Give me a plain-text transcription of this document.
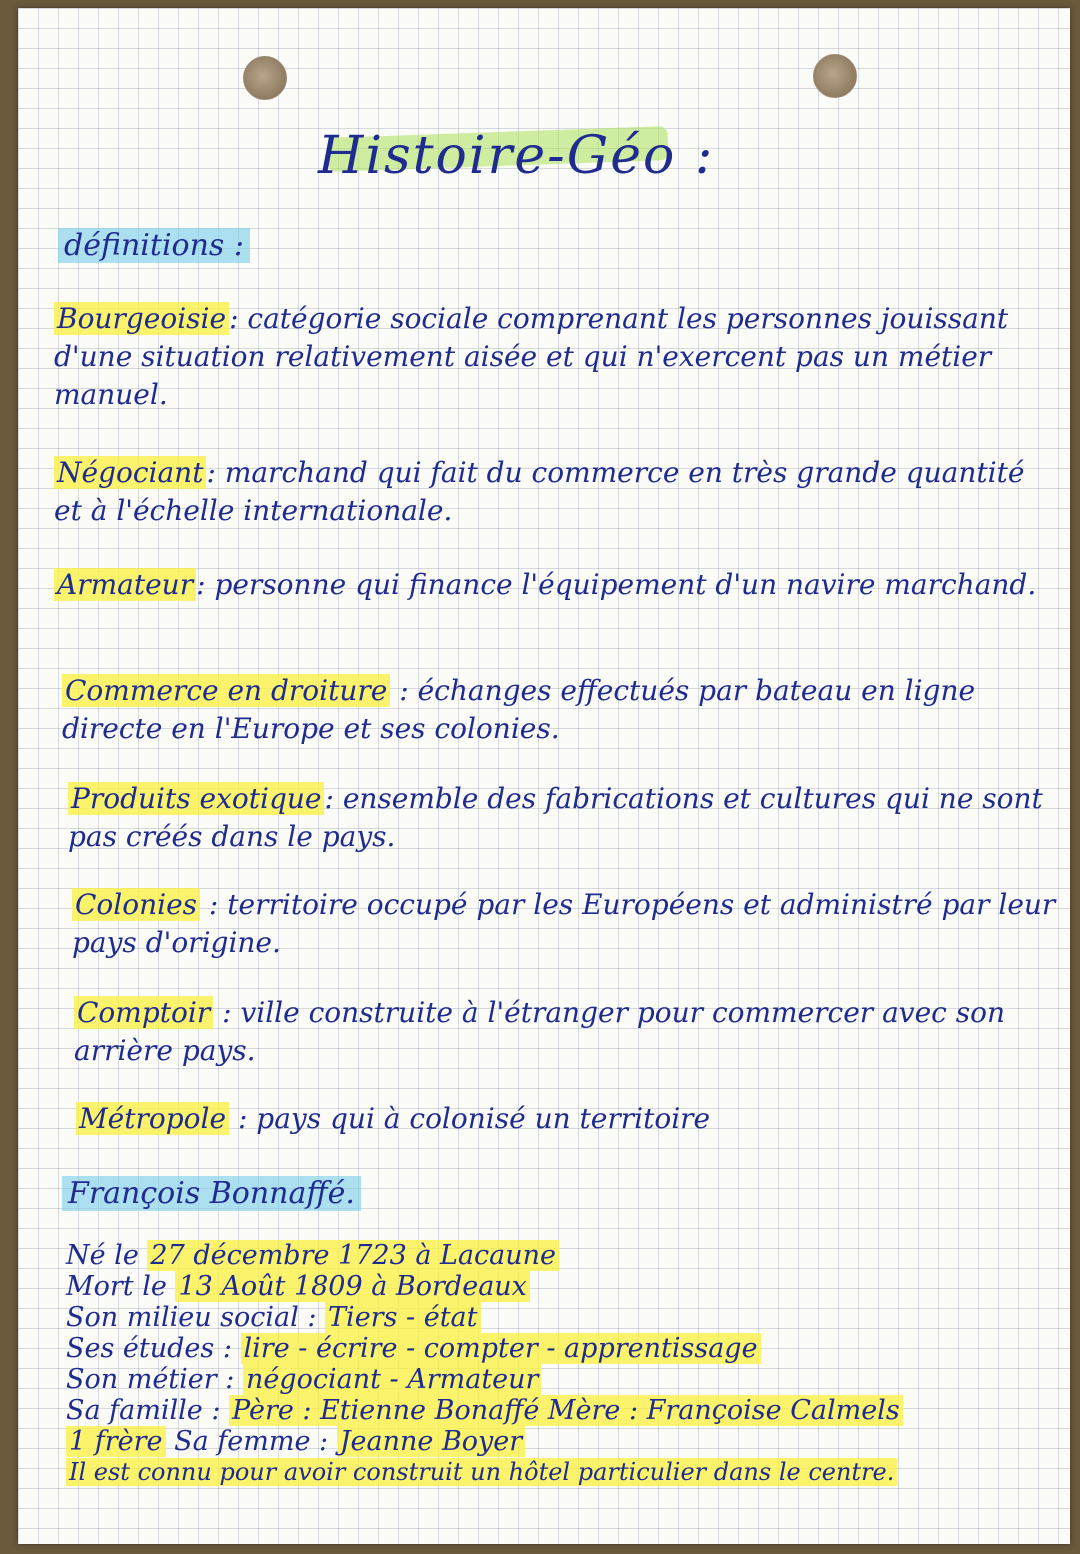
Histoire-Géo :
définitions :
Bourgeoisie : catégorie sociale comprenant les personnes jouissant d'une situation relativement aisée et qui n'exercent pas un métier manuel.
Négociant : marchand qui fait du commerce en très grande quantité et à l'échelle internationale.
Armateur : personne qui finance l'équipement d'un navire marchand.
Commerce en droiture : échanges effectués par bateau en ligne directe en l'Europe et ses colonies.
Produits exotique : ensemble des fabrications et cultures qui ne sont pas créés dans le pays.
Colonies : territoire occupé par les Européens et administré par leur pays d'origine.
Comptoir : ville construite à l'étranger pour commercer avec son arrière pays.
Métropole : pays qui à colonisé un territoire
François Bonnaffé.
Né le 27 décembre 1723 à Lacaune
Mort le 13 Août 1809 à Bordeaux
Son milieu social : Tiers - état
Ses études : lire - écrire - compter - apprentissage
Son métier : négociant - Armateur
Sa famille : Père : Etienne Bonaffé Mère : Françoise Calmels
1 frère Sa femme : Jeanne Boyer
Il est connu pour avoir construit un hôtel particulier dans le centre.
